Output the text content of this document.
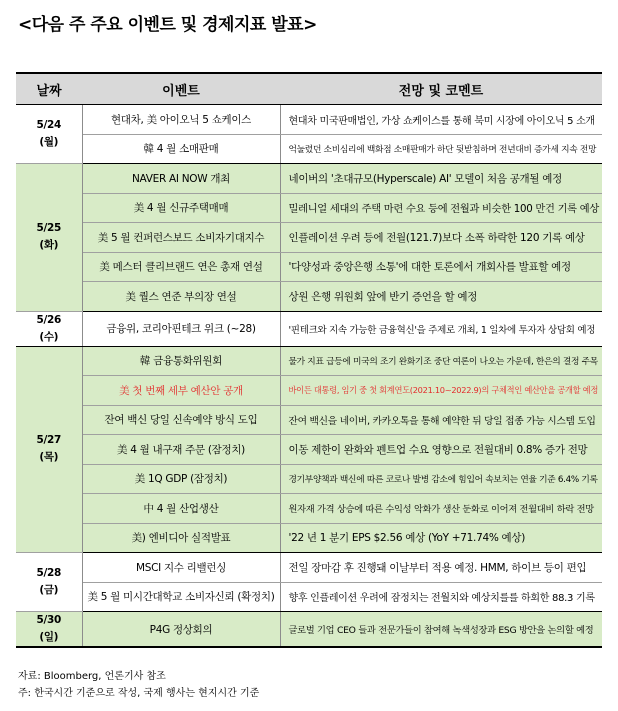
<다음 주 주요 이벤트 및 경제지표 발표>
날짜	이벤트	전망 및 코멘트

5/24
(월)	현대차, 美 아이오닉 5 쇼케이스	현대차 미국판매법인, 가상 쇼케이스를 통해 북미 시장에 아이오닉 5 소개
	韓 4 월 소매판매	억눌렸던 소비심리에 백화점 소매판매가 하단 뒷받침하며 전년대비 증가세 지속 전망

5/25
(화)	NAVER AI NOW 개최	네이버의 '초대규모(Hyperscale) AI' 모델이 처음 공개될 예정
	美 4 월 신규주택매매	밀레니얼 세대의 주택 마련 수요 등에 전월과 비슷한 100 만건 기록 예상
	美 5 월 컨퍼런스보드 소비자기대지수	인플레이션 우려 등에 전월(121.7)보다 소폭 하락한 120 기록 예상
	美 메스터 클리브랜드 연은 총재 연설	'다양성과 중앙은행 소통'에 대한 토론에서 개회사를 발표할 예정
	美 퀄스 연준 부의장 연설	상원 은행 위원회 앞에 반기 증언을 할 예정

5/26
(수)	금융위, 코리아핀테크 위크 (~28)	'핀테크와 지속 가능한 금융혁신'을 주제로 개최, 1 일차에 투자자 상담회 예정

5/27
(목)	韓 금융통화위원회	물가 지표 급등에 미국의 조기 완화기조 중단 여론이 나오는 가운데, 한은의 결정 주목
	美 첫 번째 세부 예산안 공개	바이든 대통령, 임기 중 첫 회계연도(2021.10~2022.9)의 구체적인 예산안을 공개할 예정
	잔여 백신 당일 신속예약 방식 도입	잔여 백신을 네이버, 카카오톡을 통해 예약한 뒤 당일 접종 가능 시스템 도입
	美 4 월 내구재 주문 (잠정치)	이동 제한이 완화와 펜트업 수요 영향으로 전월대비 0.8% 증가 전망
	美 1Q GDP (잠정치)	경기부양책과 백신에 따른 코로나 발병 감소에 힘입어 속보치는 연율 기준 6.4% 기록
	中 4 월 산업생산	원자재 가격 상승에 따른 수익성 악화가 생산 둔화로 이어져 전월대비 하락 전망
	美) 엔비디아 실적발표	'22 년 1 분기 EPS $2.56 예상 (YoY +71.74% 예상)

5/28
(금)	MSCI 지수 리밸런싱	전일 장마감 후 진행돼 이날부터 적용 예정. HMM, 하이브 등이 편입
	美 5 월 미시간대학교 소비자신뢰 (확정치)	향후 인플레이션 우려에 잠정치는 전월치와 예상치를를 하회한 88.3 기록

5/30
(일)	P4G 정상회의	글로벌 기업 CEO 들과 전문가들이 참여해 녹색성장과 ESG 방안을 논의할 예정
자료: Bloomberg, 언론기사 참조
주: 한국시간 기준으로 작성, 국제 행사는 현지시간 기준
